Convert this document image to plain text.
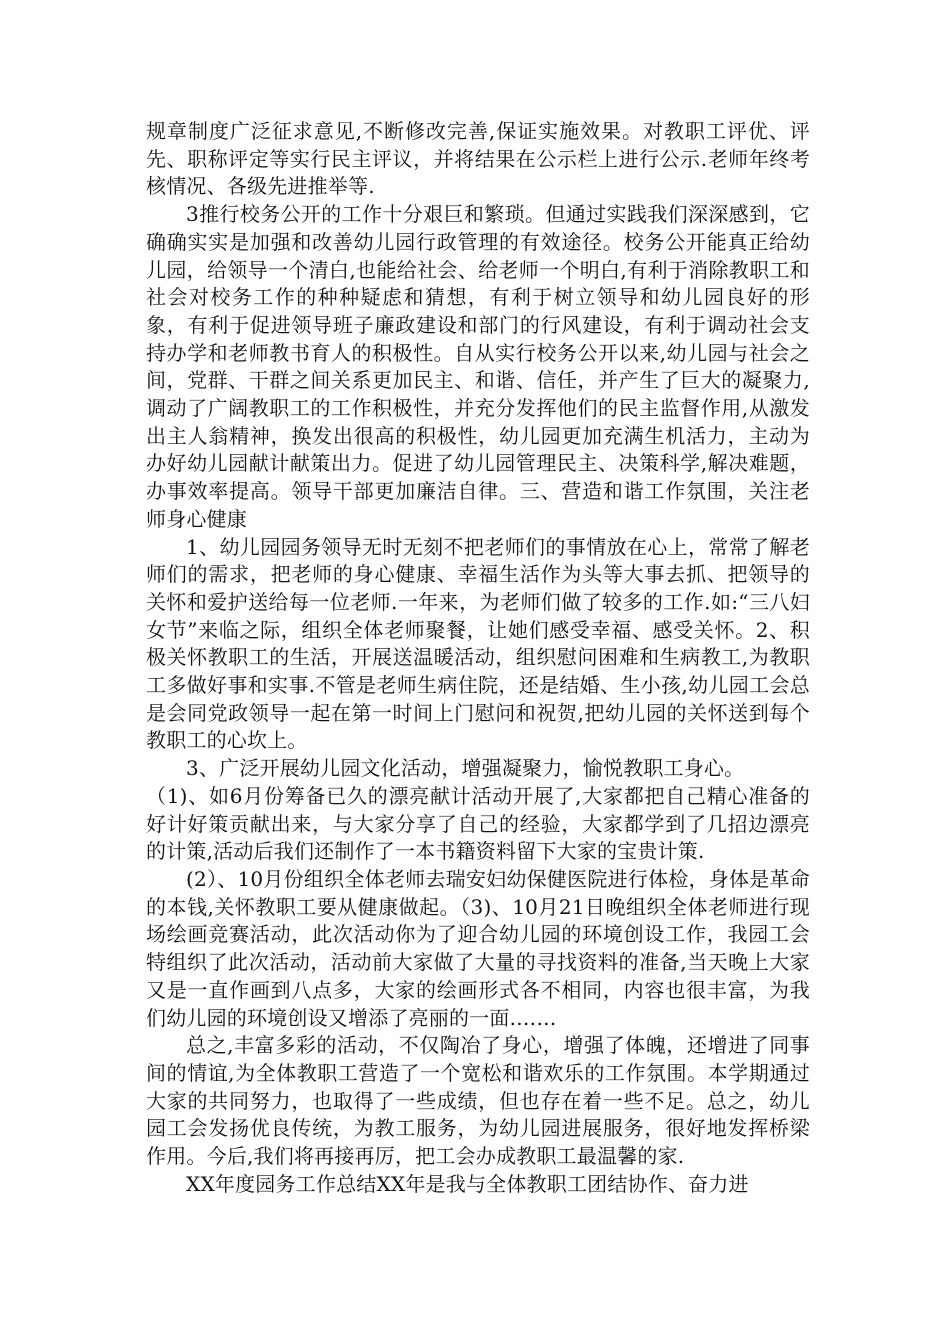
规章制度广泛征求意见,不断修改完善,保证实施效果。对教职工评优、评先、职称评定等实行民主评议，并将结果在公示栏上进行公示.老师年终考核情况、各级先进推举等.

3推行校务公开的工作十分艰巨和繁琐。但通过实践我们深深感到，它确确实实是加强和改善幼儿园行政管理的有效途径。校务公开能真正给幼儿园，给领导一个清白,也能给社会、给老师一个明白,有利于消除教职工和社会对校务工作的种种疑虑和猜想，有利于树立领导和幼儿园良好的形象，有利于促进领导班子廉政建设和部门的行风建设，有利于调动社会支持办学和老师教书育人的积极性。自从实行校务公开以来,幼儿园与社会之间，党群、干群之间关系更加民主、和谐、信任，并产生了巨大的凝聚力,调动了广阔教职工的工作积极性，并充分发挥他们的民主监督作用,从激发出主人翁精神，换发出很高的积极性，幼儿园更加充满生机活力，主动为办好幼儿园献计献策出力。促进了幼儿园管理民主、决策科学,解决难题，办事效率提高。领导干部更加廉洁自律。三、营造和谐工作氛围，关注老师身心健康

1、幼儿园园务领导无时无刻不把老师们的事情放在心上，常常了解老师们的需求，把老师的身心健康、幸福生活作为头等大事去抓、把领导的关怀和爱护送给每一位老师.一年来，为老师们做了较多的工作.如:“三八妇女节”来临之际，组织全体老师聚餐，让她们感受幸福、感受关怀。2、积极关怀教职工的生活，开展送温暖活动，组织慰问困难和生病教工,为教职工多做好事和实事.不管是老师生病住院，还是结婚、生小孩,幼儿园工会总是会同党政领导一起在第一时间上门慰问和祝贺,把幼儿园的关怀送到每个教职工的心坎上。

3、广泛开展幼儿园文化活动，增强凝聚力，愉悦教职工身心。

（1)、如6月份筹备已久的漂亮献计活动开展了,大家都把自己精心准备的好计好策贡献出来，与大家分享了自己的经验，大家都学到了几招边漂亮的计策,活动后我们还制作了一本书籍资料留下大家的宝贵计策.

(2）、10月份组织全体老师去瑞安妇幼保健医院进行体检，身体是革命的本钱,关怀教职工要从健康做起。（3)、10月21日晚组织全体老师进行现场绘画竞赛活动，此次活动你为了迎合幼儿园的环境创设工作，我园工会特组织了此次活动，活动前大家做了大量的寻找资料的准备,当天晚上大家又是一直作画到八点多，大家的绘画形式各不相同，内容也很丰富，为我们幼儿园的环境创设又增添了亮丽的一面.……

总之,丰富多彩的活动，不仅陶冶了身心，增强了体魄，还增进了同事间的情谊,为全体教职工营造了一个宽松和谐欢乐的工作氛围。本学期通过大家的共同努力，也取得了一些成绩，但也存在着一些不足。总之，幼儿园工会发扬优良传统，为教工服务，为幼儿园进展服务，很好地发挥桥梁作用。今后,我们将再接再厉，把工会办成教职工最温馨的家.

XX年度园务工作总结XX年是我与全体教职工团结协作、奋力进
